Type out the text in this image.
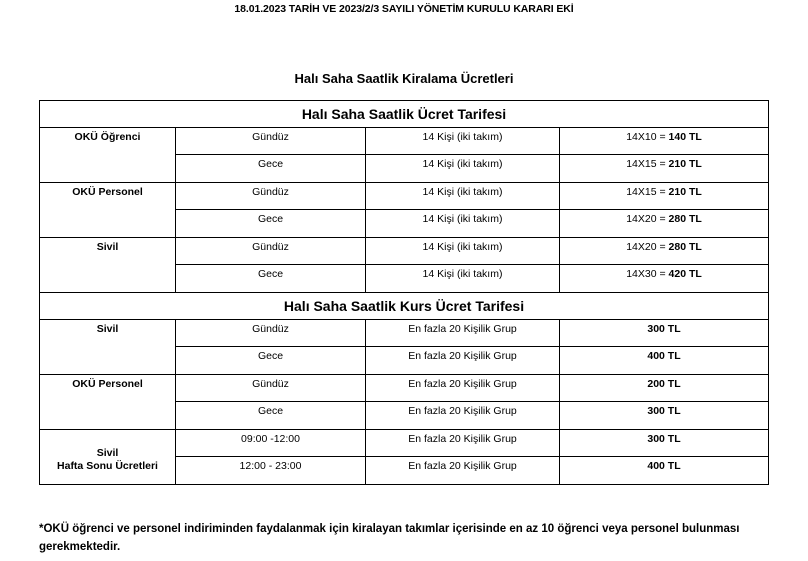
18.01.2023 TARİH VE 2023/2/3 SAYILI YÖNETİM KURULU KARARI EKİ
Halı Saha Saatlik Kiralama Ücretleri
Halı Saha Saatlik Ücret Tarifesi			
OKÜ Öğrenci	Gündüz	14 Kişi (iki takım)	14X10 = 140 TL
	Gece	14 Kişi (iki takım)	14X15 = 210 TL
OKÜ Personel	Gündüz	14 Kişi (iki takım)	14X15 = 210 TL
	Gece	14 Kişi (iki takım)	14X20 = 280 TL
Sivil	Gündüz	14 Kişi (iki takım)	14X20 = 280 TL
	Gece	14 Kişi (iki takım)	14X30 = 420 TL
Halı Saha Saatlik Kurs Ücret Tarifesi			
Sivil	Gündüz	En fazla 20 Kişilik Grup	300 TL
	Gece	En fazla 20 Kişilik Grup	400 TL
OKÜ Personel	Gündüz	En fazla 20 Kişilik Grup	200 TL
	Gece	En fazla 20 Kişilik Grup	300 TL

Sivil
Hafta Sonu Ücretleri	09:00 -12:00	En fazla 20 Kişilik Grup	300 TL
	12:00 - 23:00	En fazla 20 Kişilik Grup	400 TL
*OKÜ öğrenci ve personel indiriminden faydalanmak için kiralayan takımlar içerisinde en az 10 öğrenci veya personel bulunması gerekmektedir.
